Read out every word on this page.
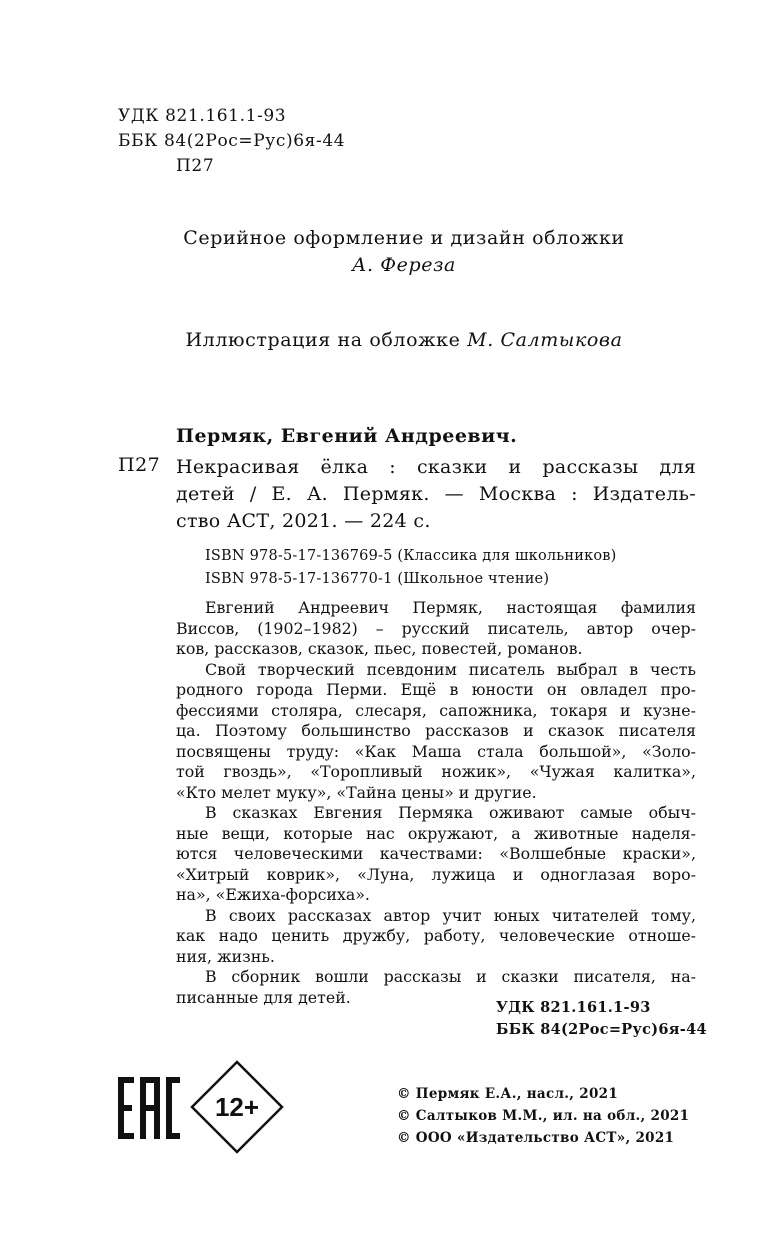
УДК 821.161.1-93
ББК 84(2Рос=Рус)6я-44
П27
Серийное оформление и дизайн обложки
А. Фереза
Иллюстрация на обложке М. Салтыкова
Пермяк, Евгений Андреевич.
П27 Некрасивая ёлка : сказки и рассказы для
детей / Е. А. Пермяк. — Москва : Издатель-
ство АСТ, 2021. — 224 с.
ISBN 978-5-17-136769-5 (Классика для школьников)
ISBN 978-5-17-136770-1 (Школьное чтение)
Евгений Андреевич Пермяк, настоящая фамилия
Виссов, (1902–1982) – русский писатель, автор очер-
ков, рассказов, сказок, пьес, повестей, романов.
Свой творческий псевдоним писатель выбрал в честь
родного города Перми. Ещё в юности он овладел про-
фессиями столяра, слесаря, сапожника, токаря и кузне-
ца. Поэтому большинство рассказов и сказок писателя
посвящены труду: «Как Маша стала большой», «Золо-
той гвоздь», «Торопливый ножик», «Чужая калитка»,
«Кто мелет муку», «Тайна цены» и другие.
В сказках Евгения Пермяка оживают самые обыч-
ные вещи, которые нас окружают, а животные наделя-
ются человеческими качествами: «Волшебные краски»,
«Хитрый коврик», «Луна, лужица и одноглазая воро-
на», «Ежиха-форсиха».
В своих рассказах автор учит юных читателей тому,
как надо ценить дружбу, работу, человеческие отноше-
ния, жизнь.
В сборник вошли рассказы и сказки писателя, на-
писанные для детей.
УДК 821.161.1-93
ББК 84(2Рос=Рус)6я-44
12+	© Пермяк Е.А., насл., 2021
© Салтыков М.М., ил. на обл., 2021
© ООО «Издательство АСТ», 2021
